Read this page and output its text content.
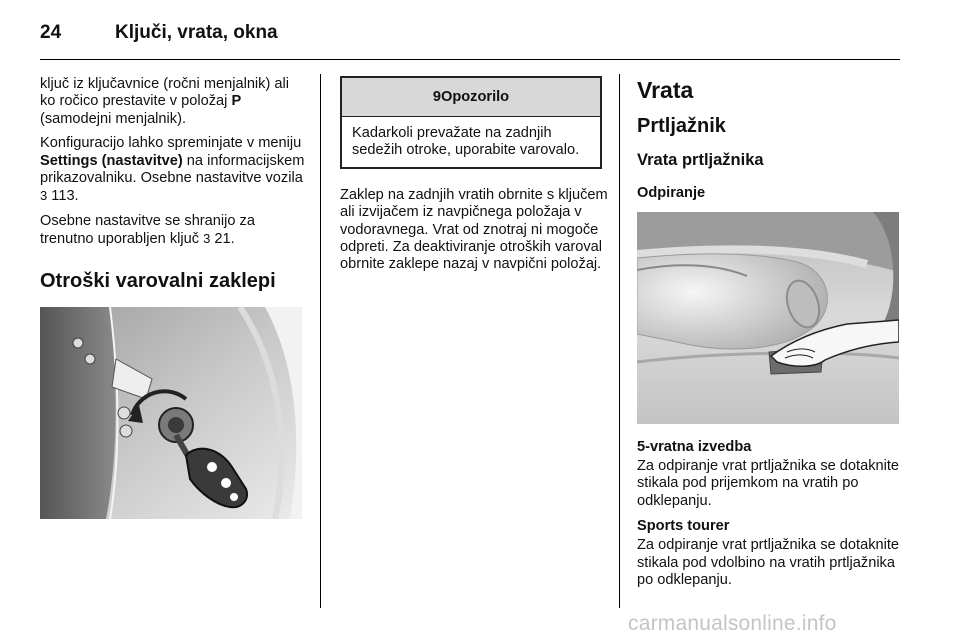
24	Ključi, vrata, okna

ključ iz ključavnice (ročni menjalnik) ali ko ročico prestavite v položaj P (samodejni menjalnik).

Konfiguracijo lahko spreminjate v meniju Settings (nastavitve) na informacijskem prikazovalniku. Osebne nastavitve vozila 3 113.

Osebne nastavitve se shranijo za trenutno uporabljen ključ 3 21.

Otroški varovalni zaklepi
9Opozorilo
Kadarkoli prevažate na zadnjih sedežih otroke, uporabite varovalo.

Zaklep na zadnjih vratih obrnite s ključem ali izvijačem iz navpičnega položaja v vodoravnega. Vrat od znotraj ni mogoče odpreti. Za deaktiviranje otroških varoval obrnite zaklepe nazaj v navpični položaj.

Vrata
Prtljažnik
Vrata prtljažnika
Odpiranje
5-vratna izvedba

Za odpiranje vrat prtljažnika se dotaknite stikala pod prijemkom na vratih po odklepanju.

Sports tourer

Za odpiranje vrat prtljažnika se dotaknite stikala pod vdolbino na vratih prtljažnika po odklepanju.

carmanualsonline.info
